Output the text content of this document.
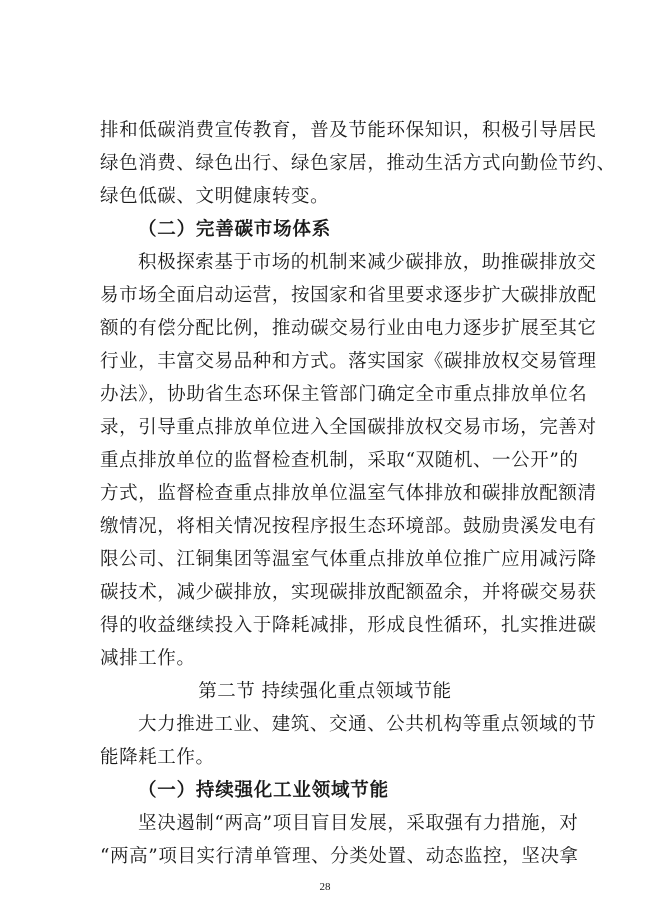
排和低碳消费宣传教育，普及节能环保知识，积极引导居民
绿色消费、绿色出行、绿色家居，推动生活方式向勤俭节约、
绿色低碳、文明健康转变。
（二）完善碳市场体系
积极探索基于市场的机制来减少碳排放，助推碳排放交
易市场全面启动运营，按国家和省里要求逐步扩大碳排放配
额的有偿分配比例，推动碳交易行业由电力逐步扩展至其它
行业，丰富交易品种和方式。落实国家《碳排放权交易管理
办法》，协助省生态环保主管部门确定全市重点排放单位名
录，引导重点排放单位进入全国碳排放权交易市场，完善对
重点排放单位的监督检查机制，采取“双随机、一公开”的
方式，监督检查重点排放单位温室气体排放和碳排放配额清
缴情况，将相关情况按程序报生态环境部。鼓励贵溪发电有
限公司、江铜集团等温室气体重点排放单位推广应用减污降
碳技术，减少碳排放，实现碳排放配额盈余，并将碳交易获
得的收益继续投入于降耗减排，形成良性循环，扎实推进碳
减排工作。
第二节 持续强化重点领域节能
大力推进工业、建筑、交通、公共机构等重点领域的节
能降耗工作。
（一）持续强化工业领域节能
坚决遏制“两高”项目盲目发展，采取强有力措施，对
“两高”项目实行清单管理、分类处置、动态监控，坚决拿
28
